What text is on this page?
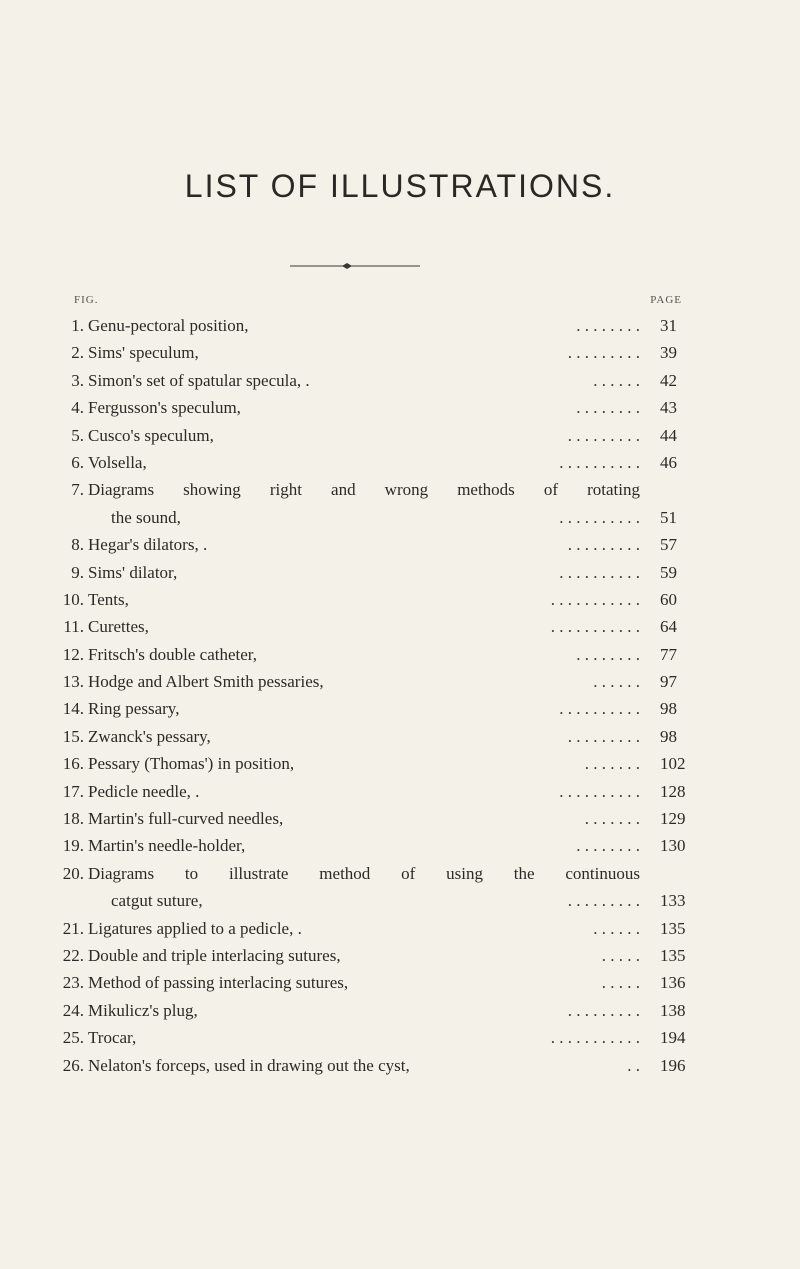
LIST OF ILLUSTRATIONS.
FIG.	PAGE
1. Genu-pectoral position,	. . . . . . . . 31
2. Sims' speculum,	. . . . . . . . . 39
3. Simon's set of spatular specula, .	. . . . . . 42
4. Fergusson's speculum,	. . . . . . . . 43
5. Cusco's speculum,	. . . . . . . . . 44
6. Volsella,	. . . . . . . . . . 46
7. Diagrams showing right and wrong methods of rotating
the sound,	. . . . . . . . . . 51
8. Hegar's dilators, .	. . . . . . . . . 57
9. Sims' dilator,	. . . . . . . . . . 59
10. Tents,	. . . . . . . . . . . 60
11. Curettes,	. . . . . . . . . . . 64
12. Fritsch's double catheter,	. . . . . . . . 77
13. Hodge and Albert Smith pessaries,	. . . . . . 97
14. Ring pessary,	. . . . . . . . . . 98
15. Zwanck's pessary,	. . . . . . . . . 98
16. Pessary (Thomas') in position,	. . . . . . . 102
17. Pedicle needle, .	. . . . . . . . . . 128
18. Martin's full-curved needles,	. . . . . . . 129
19. Martin's needle-holder,	. . . . . . . . 130
20. Diagrams to illustrate method of using the continuous
catgut suture,	. . . . . . . . . 133
21. Ligatures applied to a pedicle, .	. . . . . . 135
22. Double and triple interlacing sutures,	. . . . . 135
23. Method of passing interlacing sutures,	. . . . . 136
24. Mikulicz's plug,	. . . . . . . . . 138
25. Trocar,	. . . . . . . . . . . 194
26. Nelaton's forceps, used in drawing out the cyst,	. . 196
